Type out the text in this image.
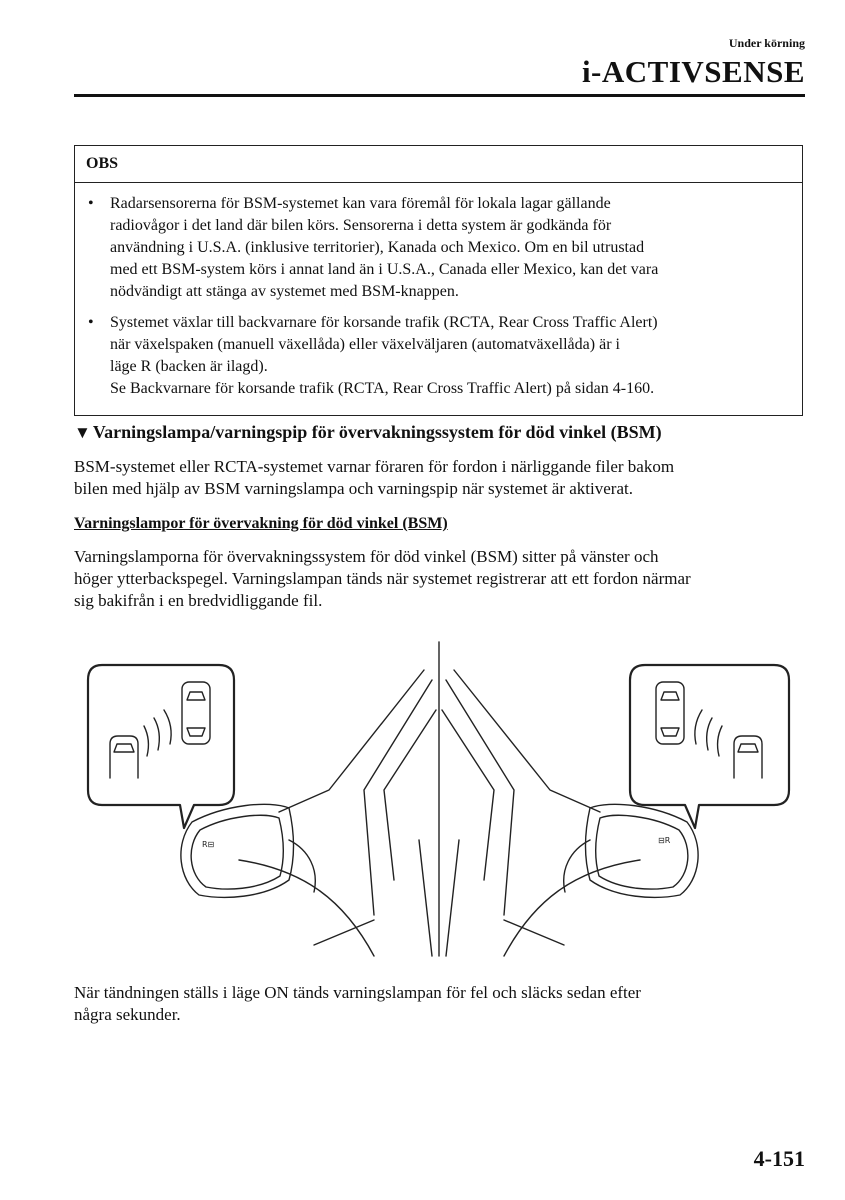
Under körning
i-ACTIVSENSE
OBS
• Radarsensorerna för BSM-systemet kan vara föremål för lokala lagar gällande
radiovågor i det land där bilen körs. Sensorerna i detta system är godkända för
användning i U.S.A. (inklusive territorier), Kanada och Mexico. Om en bil utrustad
med ett BSM-system körs i annat land än i U.S.A., Canada eller Mexico, kan det vara
nödvändigt att stänga av systemet med BSM-knappen.
• Systemet växlar till backvarnare för korsande trafik (RCTA, Rear Cross Traffic Alert)
när växelspaken (manuell växellåda) eller växelväljaren (automatväxellåda) är i
läge R (backen är ilagd).
Se Backvarnare för korsande trafik (RCTA, Rear Cross Traffic Alert) på sidan 4-160.
▼ Varningslampa/varningspip för övervakningssystem för död vinkel (BSM)
BSM-systemet eller RCTA-systemet varnar föraren för fordon i närliggande filer bakom
bilen med hjälp av BSM varningslampa och varningspip när systemet är aktiverat.
Varningslampor för övervakning för död vinkel (BSM)
Varningslamporna för övervakningssystem för död vinkel (BSM) sitter på vänster och
höger ytterbackspegel. Varningslampan tänds när systemet registrerar att ett fordon närmar
sig bakifrån i en bredvidliggande fil.
R⊟	⊟R
När tändningen ställs i läge ON tänds varningslampan för fel och släcks sedan efter
några sekunder.
4-151
